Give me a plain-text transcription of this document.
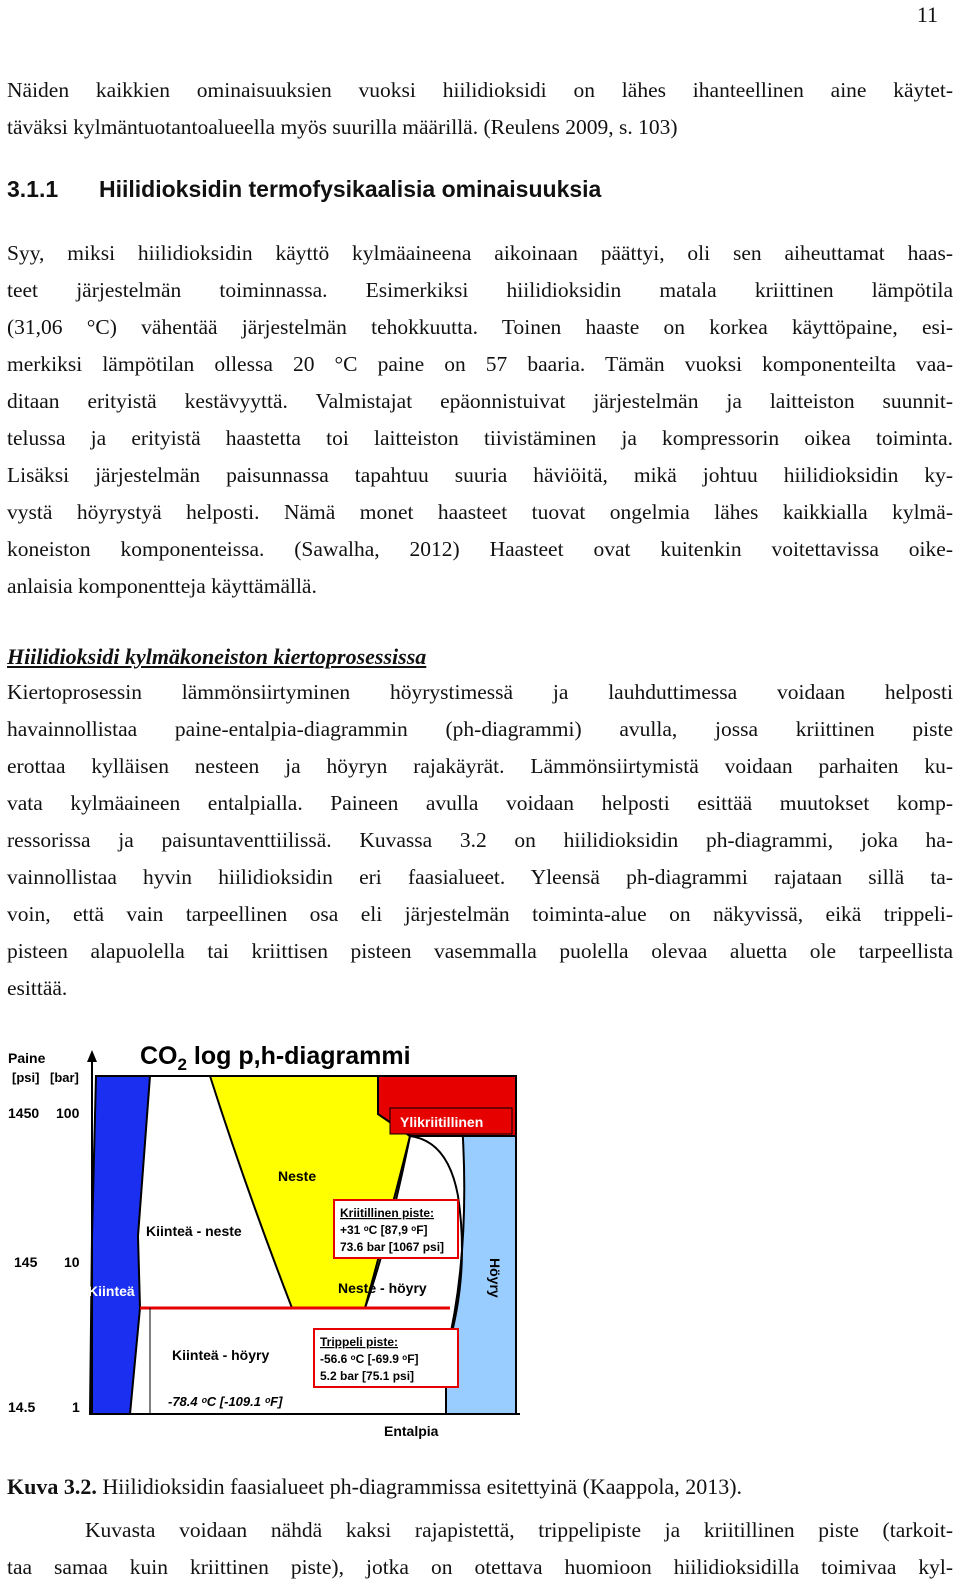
11

Näiden kaikkien ominaisuuksien vuoksi hiilidioksidi on lähes ihanteellinen aine käytet-
täväksi kylmäntuotantoalueella myös suurilla määrillä. (Reulens 2009, s. 103)

3.1.1 Hiilidioksidin termofysikaalisia ominaisuuksia

Syy, miksi hiilidioksidin käyttö kylmäaineena aikoinaan päättyi, oli sen aiheuttamat haas-
teet järjestelmän toiminnassa. Esimerkiksi hiilidioksidin matala kriittinen lämpötila
(31,06 °C) vähentää järjestelmän tehokkuutta. Toinen haaste on korkea käyttöpaine, esi-
merkiksi lämpötilan ollessa 20 °C paine on 57 baaria. Tämän vuoksi komponenteilta vaa-
ditaan erityistä kestävyyttä. Valmistajat epäonnistuivat järjestelmän ja laitteiston suunnit-
telussa ja erityistä haastetta toi laitteiston tiivistäminen ja kompressorin oikea toiminta.
Lisäksi järjestelmän paisunnassa tapahtuu suuria häviöitä, mikä johtuu hiilidioksidin ky-
vystä höyrystyä helposti. Nämä monet haasteet tuovat ongelmia lähes kaikkialla kylmä-
koneiston komponenteissa. (Sawalha, 2012) Haasteet ovat kuitenkin voitettavissa oike-
anlaisia komponentteja käyttämällä.

Hiilidioksidi kylmäkoneiston kiertoprosessissa

Kiertoprosessin lämmönsiirtyminen höyrystimessä ja lauhduttimessa voidaan helposti
havainnollistaa paine-entalpia-diagrammin (ph-diagrammi) avulla, jossa kriittinen piste
erottaa kylläisen nesteen ja höyryn rajakäyrät. Lämmönsiirtymistä voidaan parhaiten ku-
vata kylmäaineen entalpialla. Paineen avulla voidaan helposti esittää muutokset komp-
ressorissa ja paisuntaventtiilissä. Kuvassa 3.2 on hiilidioksidin ph-diagrammi, joka ha-
vainnollistaa hyvin hiilidioksidin eri faasialueet. Yleensä ph-diagrammi rajataan sillä ta-
voin, että vain tarpeellinen osa eli järjestelmän toiminta-alue on näkyvissä, eikä trippeli-
pisteen alapuolella tai kriittisen pisteen vasemmalla puolella olevaa aluetta ole tarpeellista
esittää.

$CO_2$ log p,h-diagrammi
Paine
[psi] [bar]
1450 100
145 10
14.5	1
Kiinteä
Kiinteä - neste
Neste
Ylikriitillinen
Neste - höyry	Höyry
Kiinteä - höyry
Kriitillinen piste:
+31 ᵒC [87,9 ᵒF]
73.6 bar [1067 psi]
Trippeli piste:
-56.6 ᵒC [-69.9 ᵒF]
5.2 bar [75.1 psi]
-78.4 ᵒC [-109.1 ᵒF]
Entalpia
Kuva 3.2. Hiilidioksidin faasialueet ph-diagrammissa esitettyinä (Kaappola, 2013).

Kuvasta voidaan nähdä kaksi rajapistettä, trippelipiste ja kriitillinen piste (tarkoit-
taa samaa kuin kriittinen piste), jotka on otettava huomioon hiilidioksidilla toimivaa kyl-
